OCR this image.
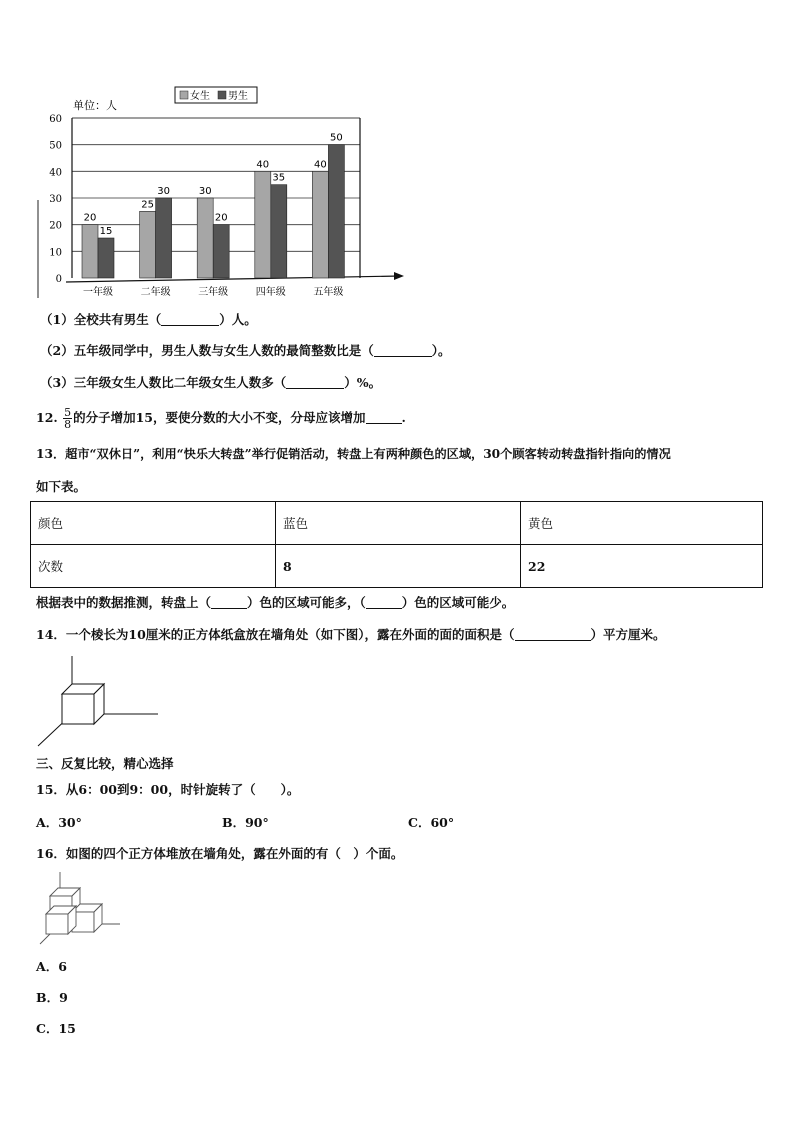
0
10
20
30
40
50
60
20
15
25
30	30
20
40
35
40
50
一年级	二年级	三年级	四年级	五年级
单位：人
女生 男生
（1）全校共有男生（	）人。
（2）五年级同学中，男生人数与女生人数的最简整数比是（	）。
（3）三年级女生人数比二年级女生人数多（	）%。
12. $\frac{5}{8}$ 的分子增加15，要使分数的大小不变，分母应该增加	.
13．超市“双休日”，利用“快乐大转盘”举行促销活动，转盘上有两种颜色的区域，30个顾客转动转盘指针指向的情况
如下表。
颜色	蓝色	黄色
次数	8	22
根据表中的数据推测，转盘上（	）色的区域可能多，（	）色的区域可能少。
14．一个棱长为10厘米的正方体纸盒放在墙角处（如下图），露在外面的面的面积是（	）平方厘米。
三、反复比较，精心选择
15．从6：00到9：00，时针旋转了（　　）。
A．30°	B．90°	C．60°
16．如图的四个正方体堆放在墙角处，露在外面的有（　）个面。
A．6
B．9
C．15
